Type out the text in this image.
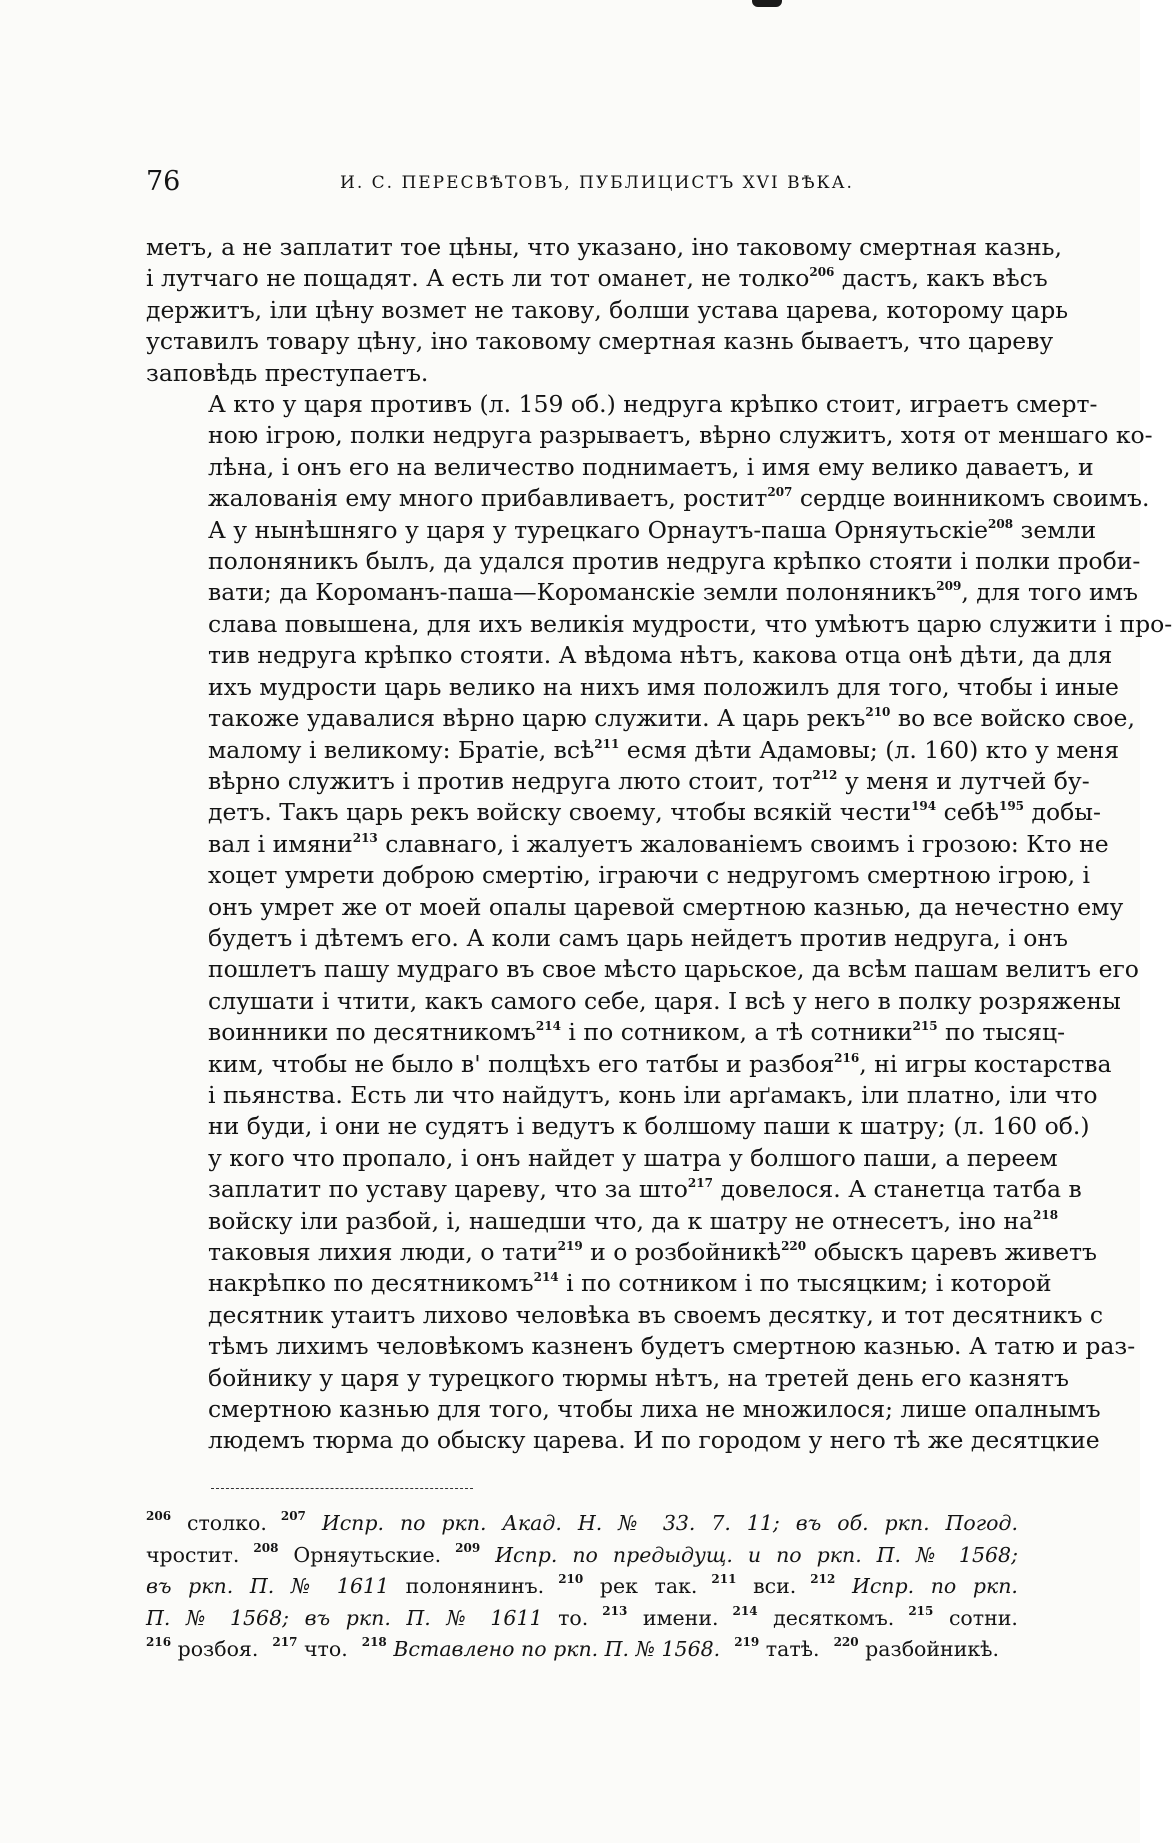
76	И. С. ПЕРЕСВѢТОВЪ, ПУБЛИЦИСТЪ XVI ВѢКА.

метъ, а не заплатит тое цѣны, что указано, іно таковому смертная казнь,
і лутчаго не пощадят. А есть ли тот оманет, не толко$^{206}$ дастъ, какъ вѣсъ
держитъ, іли цѣну возмет не такову, болши устава царева, которому царь
уставилъ товару цѣну, іно таковому смертная казнь бываетъ, что цареву
заповѣдь преступаетъ.

А кто у царя противъ (л. 159 об.) недруга крѣпко стоит, играетъ смерт-
ною ігрою, полки недруга разрываетъ, вѣрно служитъ, хотя от меншаго ко-
лѣна, і онъ его на величество поднимаетъ, і имя ему велико даваетъ, и
жалованія ему много прибавливаетъ, ростит$^{207}$ сердце воинникомъ своимъ.
А у нынѣшняго у царя у турецкаго Орнаутъ-паша Орняутьскіе$^{208}$ земли
полоняникъ былъ, да удался против недруга крѣпко стояти і полки проби-
вати; да Короманъ-паша—Короманскіе земли полоняникъ$^{209}$, для того имъ
слава повышена, для ихъ великія мудрости, что умѣютъ царю служити і про-
тив недруга крѣпко стояти. А вѣдома нѣтъ, какова отца онѣ дѣти, да для
ихъ мудрости царь велико на нихъ имя положилъ для того, чтобы і иные
такоже удавалися вѣрно царю служити. А царь рекъ$^{210}$ во все войско свое,
малому і великому: Братіе, всѣ$^{211}$ есмя дѣти Адамовы; (л. 160) кто у меня
вѣрно служитъ і против недруга люто стоит, тот$^{212}$ у меня и лутчей бу-
детъ. Такъ царь рекъ войску своему, чтобы всякій чести$^{194}$ себѣ$^{195}$ добы-
вал і имяни$^{213}$ славнаго, і жалуетъ жалованіемъ своимъ і грозою: Кто не
хоцет умрети доброю смертію, іграючи с недругомъ смертною ігрою, і
онъ умрет же от моей опалы царевой смертною казнью, да нечестно ему
будетъ і дѣтемъ его. А коли самъ царь нейдетъ против недруга, і онъ
пошлетъ пашу мудраго въ свое мѣсто царьское, да всѣм пашам велитъ его
слушати і чтити, какъ самого себе, царя. І всѣ у него в полку розряжены
воинники по десятникомъ$^{214}$ і по сотником, а тѣ сотники$^{215}$ по тысяц-
ким, чтобы не было в' полцѣхъ его татбы и разбоя$^{216}$, ні игры костарства
і пьянства. Есть ли что найдутъ, конь іли арґамакъ, іли платно, іли что
ни буди, і они не судятъ і ведутъ к болшому паши к шатру; (л. 160 об.)
у кого что пропало, і онъ найдет у шатра у болшого паши, а переем
заплатит по уставу цареву, что за што$^{217}$ довелося. А станетца татба в
войску іли разбой, і, нашедши что, да к шатру не отнесетъ, іно $на^{218}$
таковыя лихия люди, о тати$^{219}$ и о розбойникѣ$^{220}$ обыскъ царевъ живетъ
накрѣпко по десятникомъ$^{214}$ і по сотником і по тысяцким; і которой
десятник утаитъ лихово человѣка въ своемъ десятку, и тот десятникъ с
тѣмъ лихимъ человѣкомъ казненъ будетъ смертною казнью. А татю и раз-
бойнику у царя у турецкого тюрмы нѣтъ, на третей день его казнятъ
смертною казнью для того, чтобы лиха не множилося; лише опалнымъ
людемъ тюрма до обыску царева. И по городом у него тѣ же десятцкие

$^{206}$ столко. $^{207}$ Испр. по ркп. Акад. Н. № 33. 7. 11; въ об. ркп. Погод.
чростит. $^{208}$ Орняутьские. $^{209}$ Испр. по предыдущ. и по ркп. П. № 1568;
въ ркп. П. № 1611 полонянинъ. $^{210}$ рек так. $^{211}$ вси. $^{212}$ Испр. по ркп.
П. № 1568; въ ркп. П. № 1611 то. $^{213}$ имени. $^{214}$ десяткомъ. $^{215}$ сотни.
$^{216}$ розбоя. $^{217}$ что. $^{218}$ Вставлено по ркп. П. № 1568. $^{219}$ татѣ. $^{220}$ разбойникѣ.
